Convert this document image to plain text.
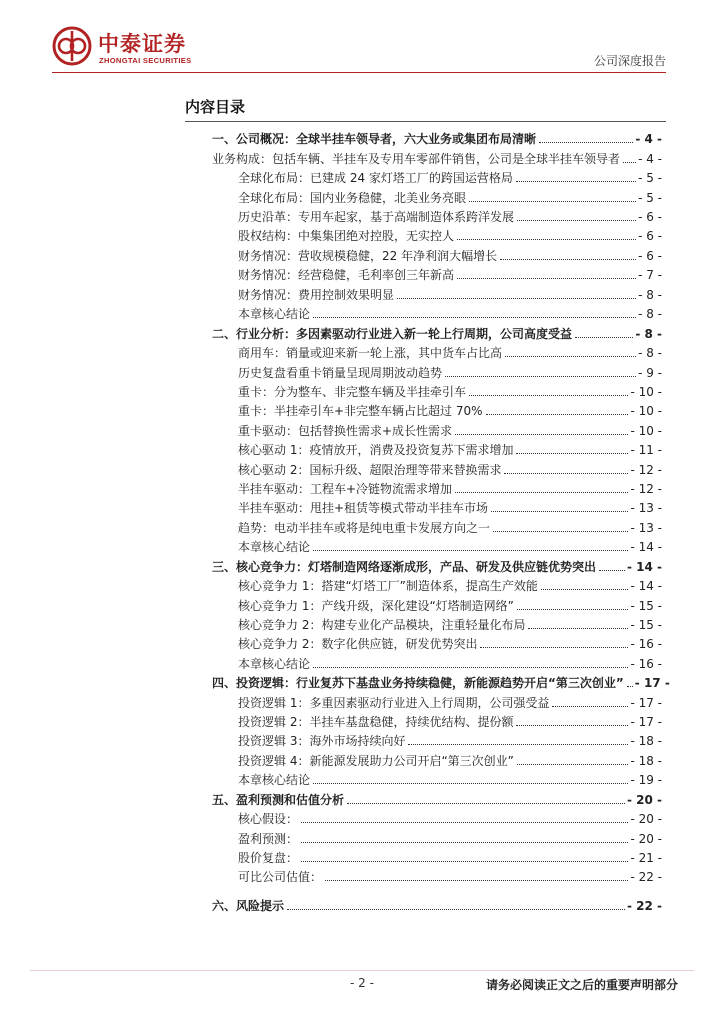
中泰证券
ZHONGTAI SECURITIES	公司深度报告
内容目录
一、公司概况：全球半挂车领导者，六大业务或集团布局清晰	- 4 -
业务构成：包括车辆、半挂车及专用车零部件销售，公司是全球半挂车领导者 - 4 -
全球化布局：已建成 24 家灯塔工厂的跨国运营格局	- 5 -
全球化布局：国内业务稳健，北美业务亮眼	- 5 -
历史沿革：专用车起家，基于高端制造体系跨洋发展	- 6 -
股权结构：中集集团绝对控股，无实控人	- 6 -
财务情况：营收规模稳健，22 年净利润大幅增长	- 6 -
财务情况：经营稳健，毛利率创三年新高	- 7 -
财务情况：费用控制效果明显	- 8 -
本章核心结论	- 8 -
二、行业分析：多因素驱动行业进入新一轮上行周期，公司高度受益	- 8 -
商用车：销量或迎来新一轮上涨，其中货车占比高	- 8 -
历史复盘看重卡销量呈现周期波动趋势	- 9 -
重卡：分为整车、非完整车辆及半挂牵引车	- 10 -
重卡：半挂牵引车+非完整车辆占比超过 70%	- 10 -
重卡驱动：包括替换性需求+成长性需求	- 10 -
核心驱动 1：疫情放开，消费及投资复苏下需求增加	- 11 -
核心驱动 2：国标升级、超限治理等带来替换需求	- 12 -
半挂车驱动：工程车+冷链物流需求增加	- 12 -
半挂车驱动：甩挂+租赁等模式带动半挂车市场	- 13 -
趋势：电动半挂车或将是纯电重卡发展方向之一	- 13 -
本章核心结论	- 14 -
三、核心竞争力：灯塔制造网络逐渐成形，产品、研发及供应链优势突出	- 14 -
核心竞争力 1：搭建“灯塔工厂”制造体系，提高生产效能	- 14 -
核心竞争力 1：产线升级，深化建设“灯塔制造网络”	- 15 -
核心竞争力 2：构建专业化产品模块，注重轻量化布局	- 15 -
核心竞争力 2：数字化供应链，研发优势突出	- 16 -
本章核心结论	- 16 -
四、投资逻辑：行业复苏下基盘业务持续稳健，新能源趋势开启“第三次创业” - 17 -
投资逻辑 1：多重因素驱动行业进入上行周期，公司强受益	- 17 -
投资逻辑 2：半挂车基盘稳健，持续优结构、提份额	- 17 -
投资逻辑 3：海外市场持续向好	- 18 -
投资逻辑 4：新能源发展助力公司开启“第三次创业”	- 18 -
本章核心结论	- 19 -
五、盈利预测和估值分析	- 20 -
核心假设：	- 20 -
盈利预测：	- 20 -
股价复盘：	- 21 -
可比公司估值：	- 22 -
六、风险提示	- 22 -
- 2 -	请务必阅读正文之后的重要声明部分
